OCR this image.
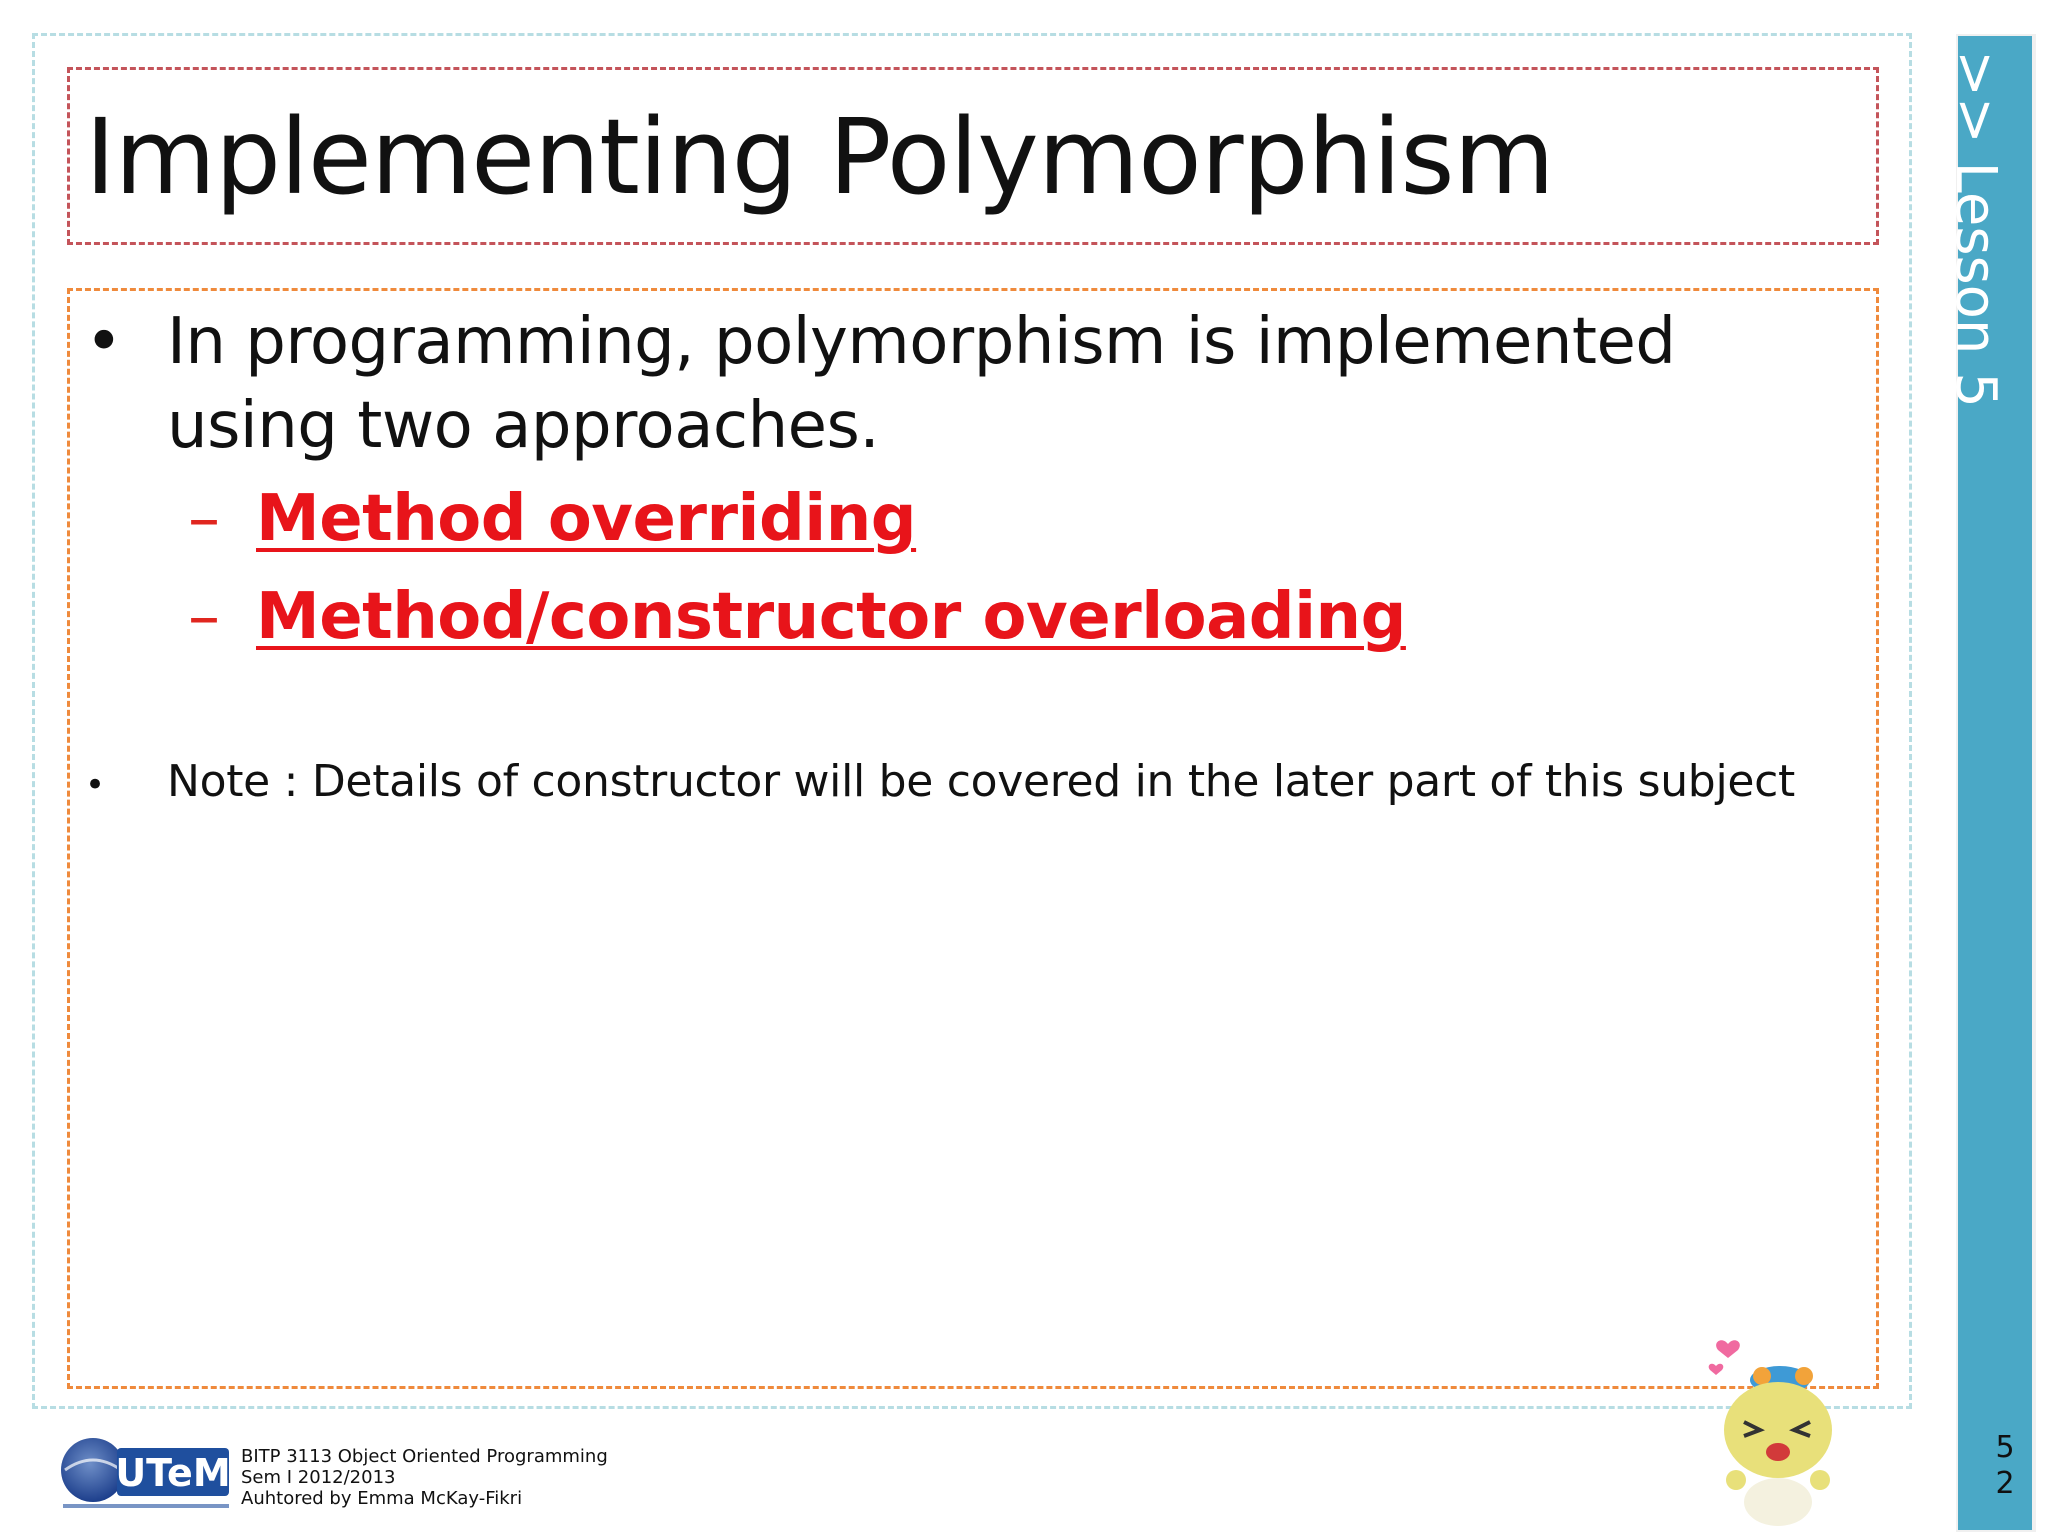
Implementing Polymorphism
• In programming, polymorphism is implemented using two approaches.
– Method overriding
– Method/constructor overloading
•	Note : Details of constructor will be covered in the later part of this subject
>> Lesson 5
5
2
UTeM BITP 3113 Object Oriented Programming
Sem I 2012/2013
Auhtored by Emma McKay-Fikri
